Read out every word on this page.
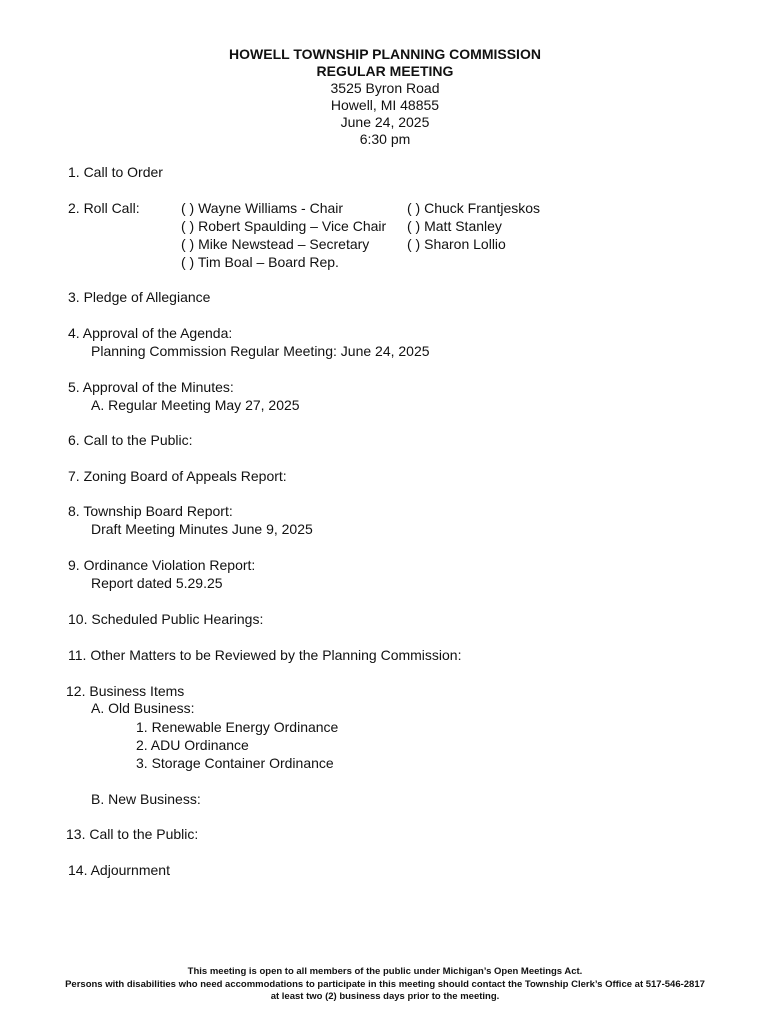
HOWELL TOWNSHIP PLANNING COMMISSION
REGULAR MEETING
3525 Byron Road
Howell, MI 48855
June 24, 2025
6:30 pm
1. Call to Order
2. Roll Call:	( ) Wayne Williams - Chair
( ) Robert Spaulding – Vice Chair
( ) Mike Newstead – Secretary
( ) Tim Boal – Board Rep.
( ) Chuck Frantjeskos
( ) Matt Stanley
( ) Sharon Lollio
3. Pledge of Allegiance
4. Approval of the Agenda:
Planning Commission Regular Meeting: June 24, 2025
5. Approval of the Minutes:
A. Regular Meeting May 27, 2025
6. Call to the Public:
7. Zoning Board of Appeals Report:
8. Township Board Report:
Draft Meeting Minutes June 9, 2025
9. Ordinance Violation Report:
Report dated 5.29.25
10. Scheduled Public Hearings:
11. Other Matters to be Reviewed by the Planning Commission:
12. Business Items
A. Old Business:
1. Renewable Energy Ordinance
2. ADU Ordinance
3. Storage Container Ordinance
B. New Business:
13. Call to the Public:
14. Adjournment
This meeting is open to all members of the public under Michigan’s Open Meetings Act.
Persons with disabilities who need accommodations to participate in this meeting should contact the Township Clerk’s Office at 517-546-2817
at least two (2) business days prior to the meeting.
